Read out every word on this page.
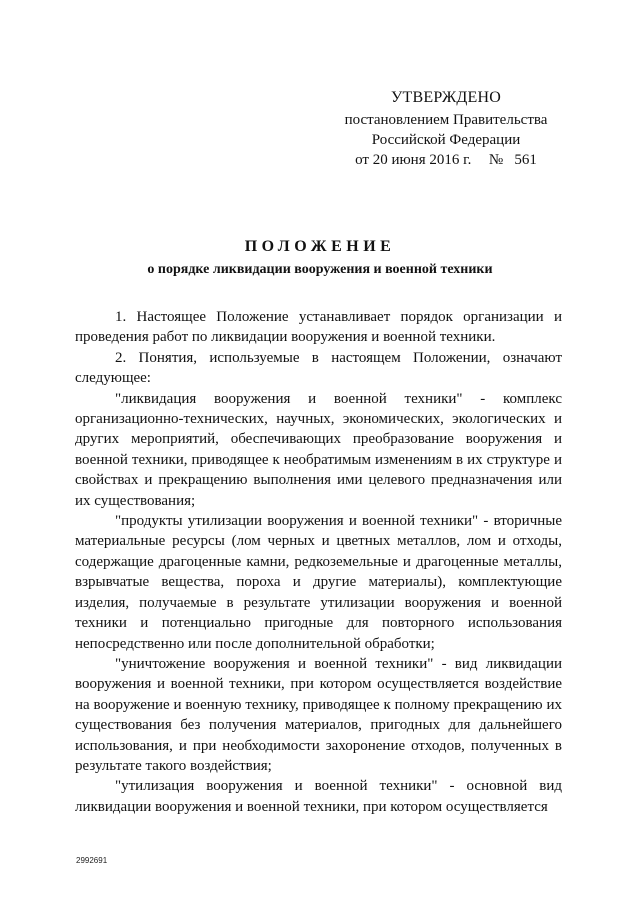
УТВЕРЖДЕНО
постановлением Правительства
Российской Федерации
от 20 июня 2016 г. № 561
ПОЛОЖЕНИЕ
о порядке ликвидации вооружения и военной техники

1. Настоящее Положение устанавливает порядок организации и проведения работ по ликвидации вооружения и военной техники.

2. Понятия, используемые в настоящем Положении, означают следующее:

"ликвидация вооружения и военной техники" - комплекс организационно-технических, научных, экономических, экологических и других мероприятий, обеспечивающих преобразование вооружения и военной техники, приводящее к необратимым изменениям в их структуре и свойствах и прекращению выполнения ими целевого предназначения или их существования;

"продукты утилизации вооружения и военной техники" - вторичные материальные ресурсы (лом черных и цветных металлов, лом и отходы, содержащие драгоценные камни, редкоземельные и драгоценные металлы, взрывчатые вещества, пороха и другие материалы), комплектующие изделия, получаемые в результате утилизации вооружения и военной техники и потенциально пригодные для повторного использования непосредственно или после дополнительной обработки;

"уничтожение вооружения и военной техники" - вид ликвидации вооружения и военной техники, при котором осуществляется воздействие на вооружение и военную технику, приводящее к полному прекращению их существования без получения материалов, пригодных для дальнейшего использования, и при необходимости захоронение отходов, полученных в результате такого воздействия;

"утилизация вооружения и военной техники" - основной вид ликвидации вооружения и военной техники, при котором осуществляется

2992691
